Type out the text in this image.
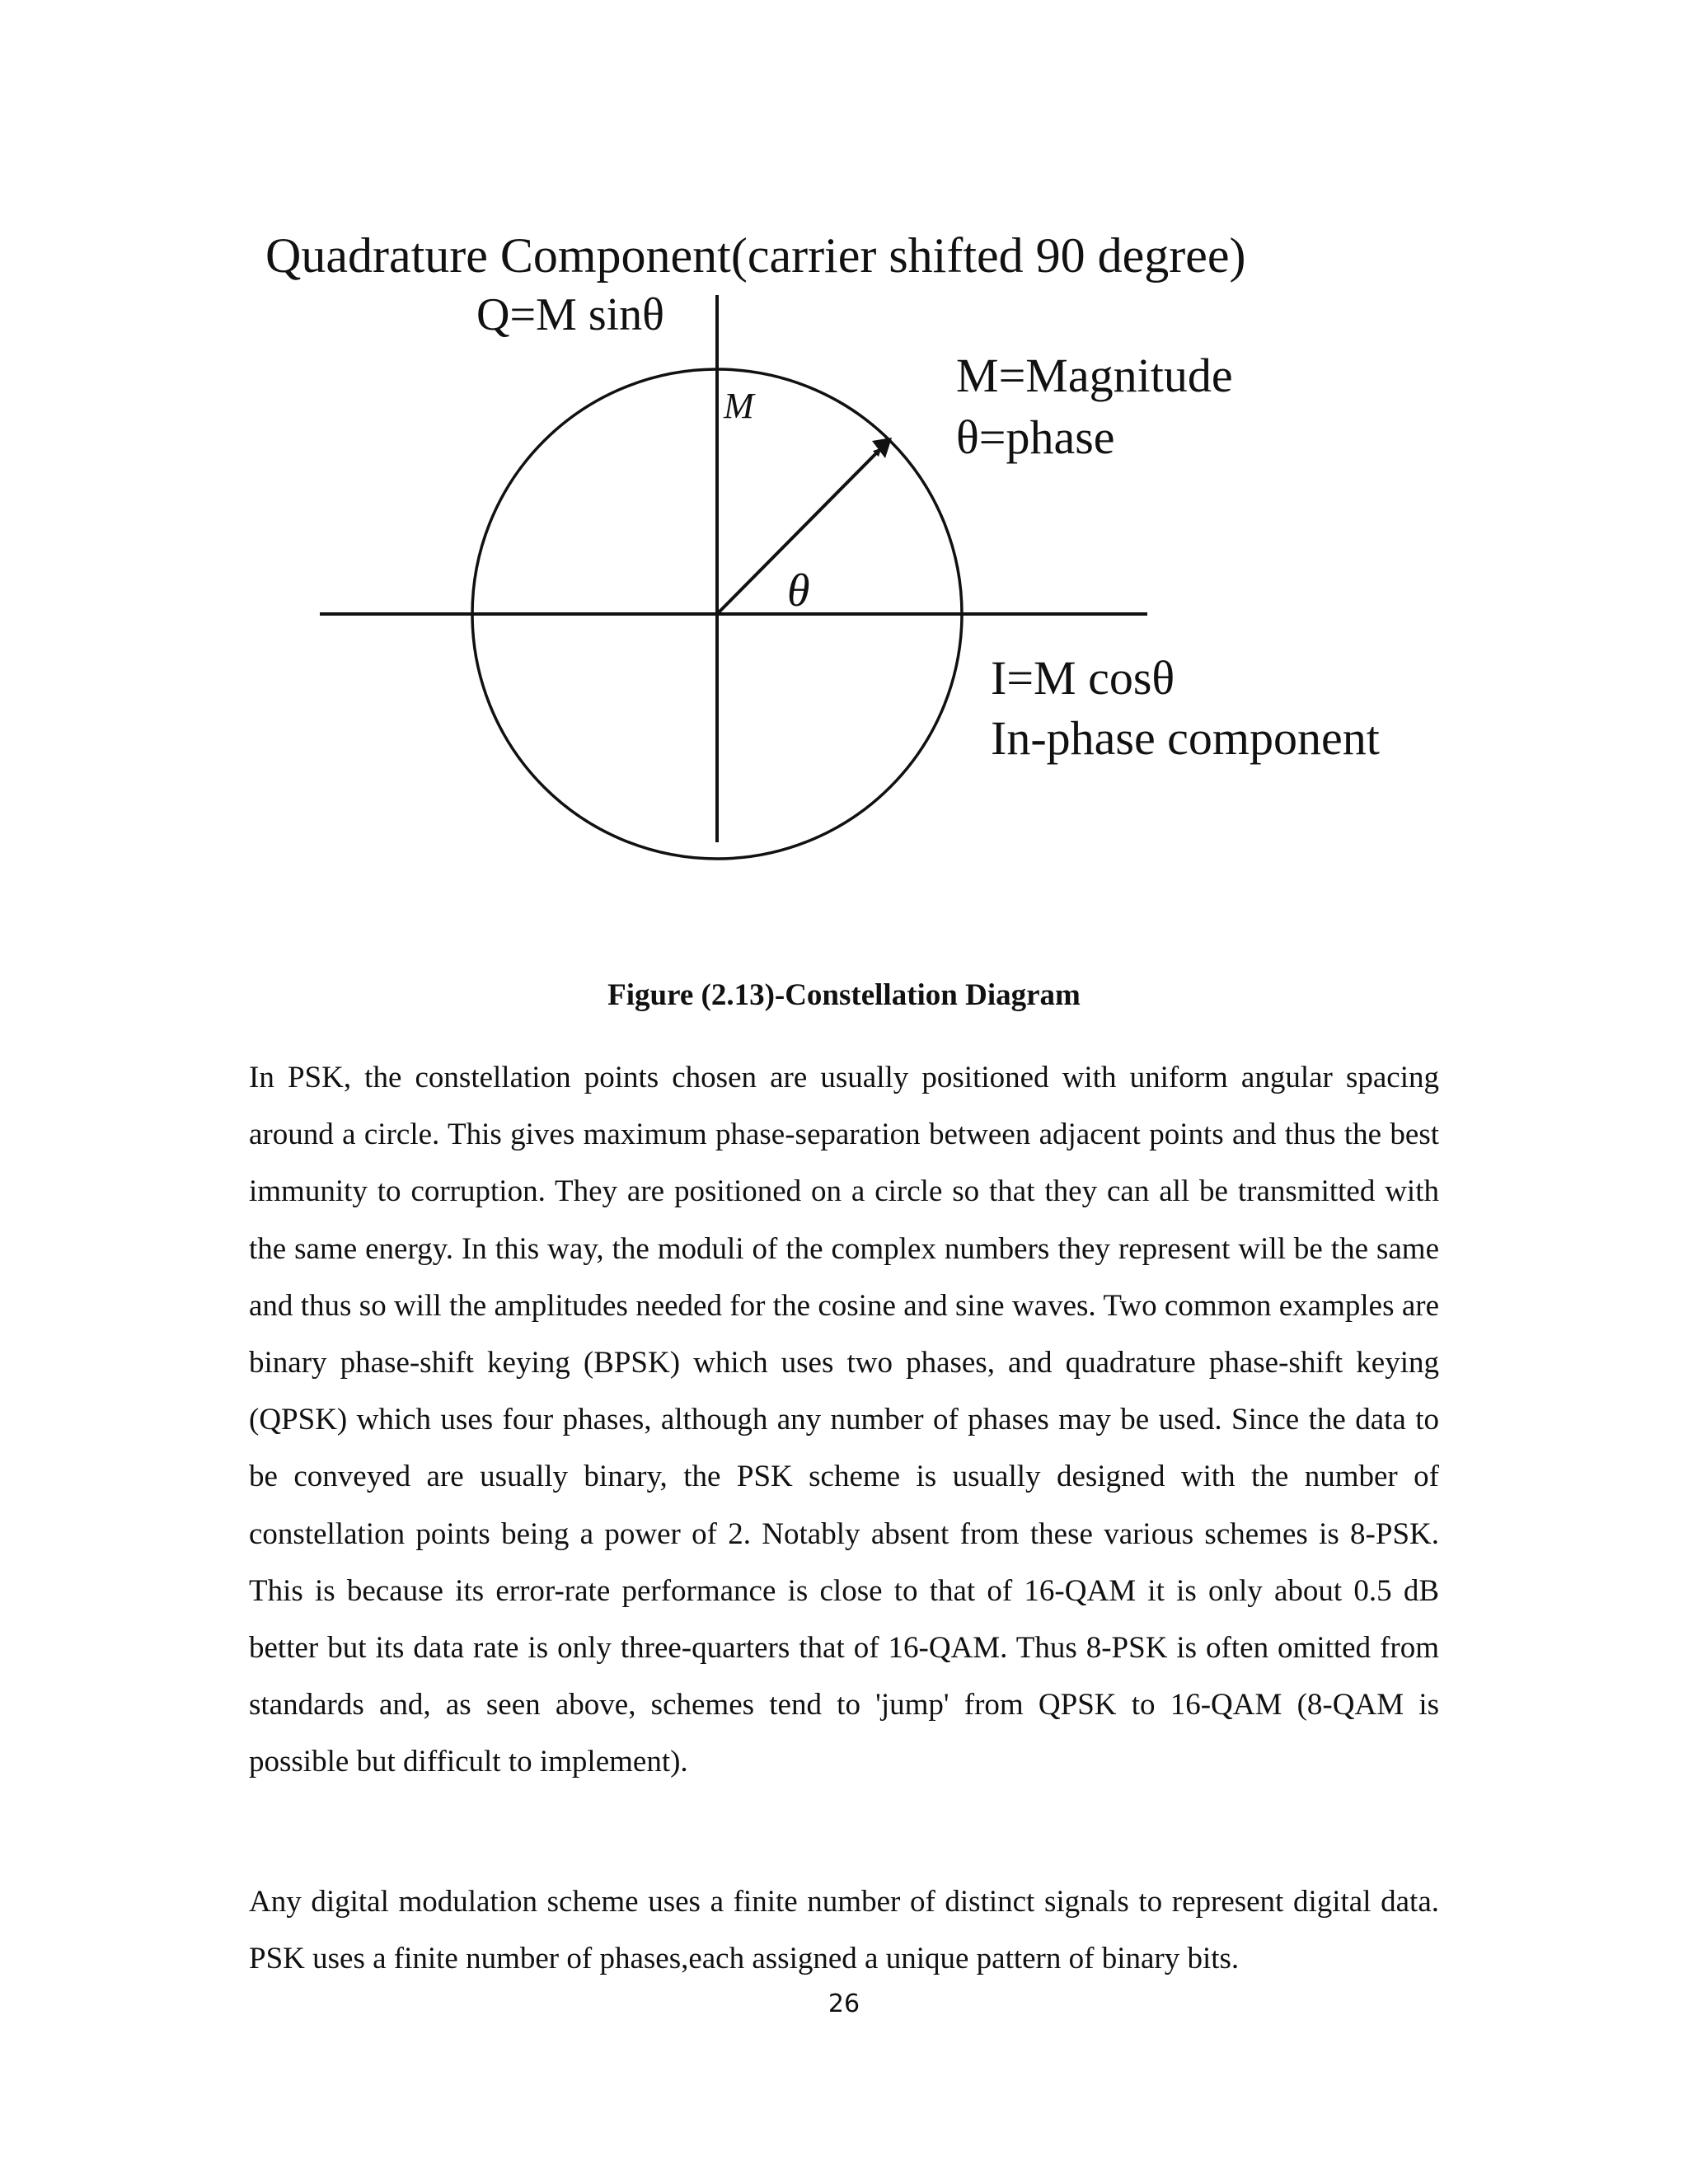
Quadrature Component(carrier shifted 90 degree)
Q=M sinθ
M
θ
M=Magnitude
θ=phase
I=M cosθ
In-phase component

Figure (2.13)-Constellation Diagram

In PSK, the constellation points chosen are usually positioned with uniform angular spacing around a circle. This gives maximum phase-separation between adjacent points and thus the best immunity to corruption. They are positioned on a circle so that they can all be transmitted with the same energy. In this way, the moduli of the complex numbers they represent will be the same and thus so will the amplitudes needed for the cosine and sine waves. Two common examples are binary phase-shift keying (BPSK) which uses two phases, and quadrature phase-shift keying (QPSK) which uses four phases, although any number of phases may be used. Since the data to be conveyed are usually binary, the PSK scheme is usually designed with the number of constellation points being a power of 2. Notably absent from these various schemes is 8-PSK. This is because its error-rate performance is close to that of 16-QAM it is only about 0.5 dB better but its data rate is only three-quarters that of 16-QAM. Thus 8-PSK is often omitted from standards and, as seen above, schemes tend to 'jump' from QPSK to 16-QAM (8-QAM is possible but difficult to implement).

Any digital modulation scheme uses a finite number of distinct signals to represent digital data. PSK uses a finite number of phases,each assigned a unique pattern of binary bits.

26
